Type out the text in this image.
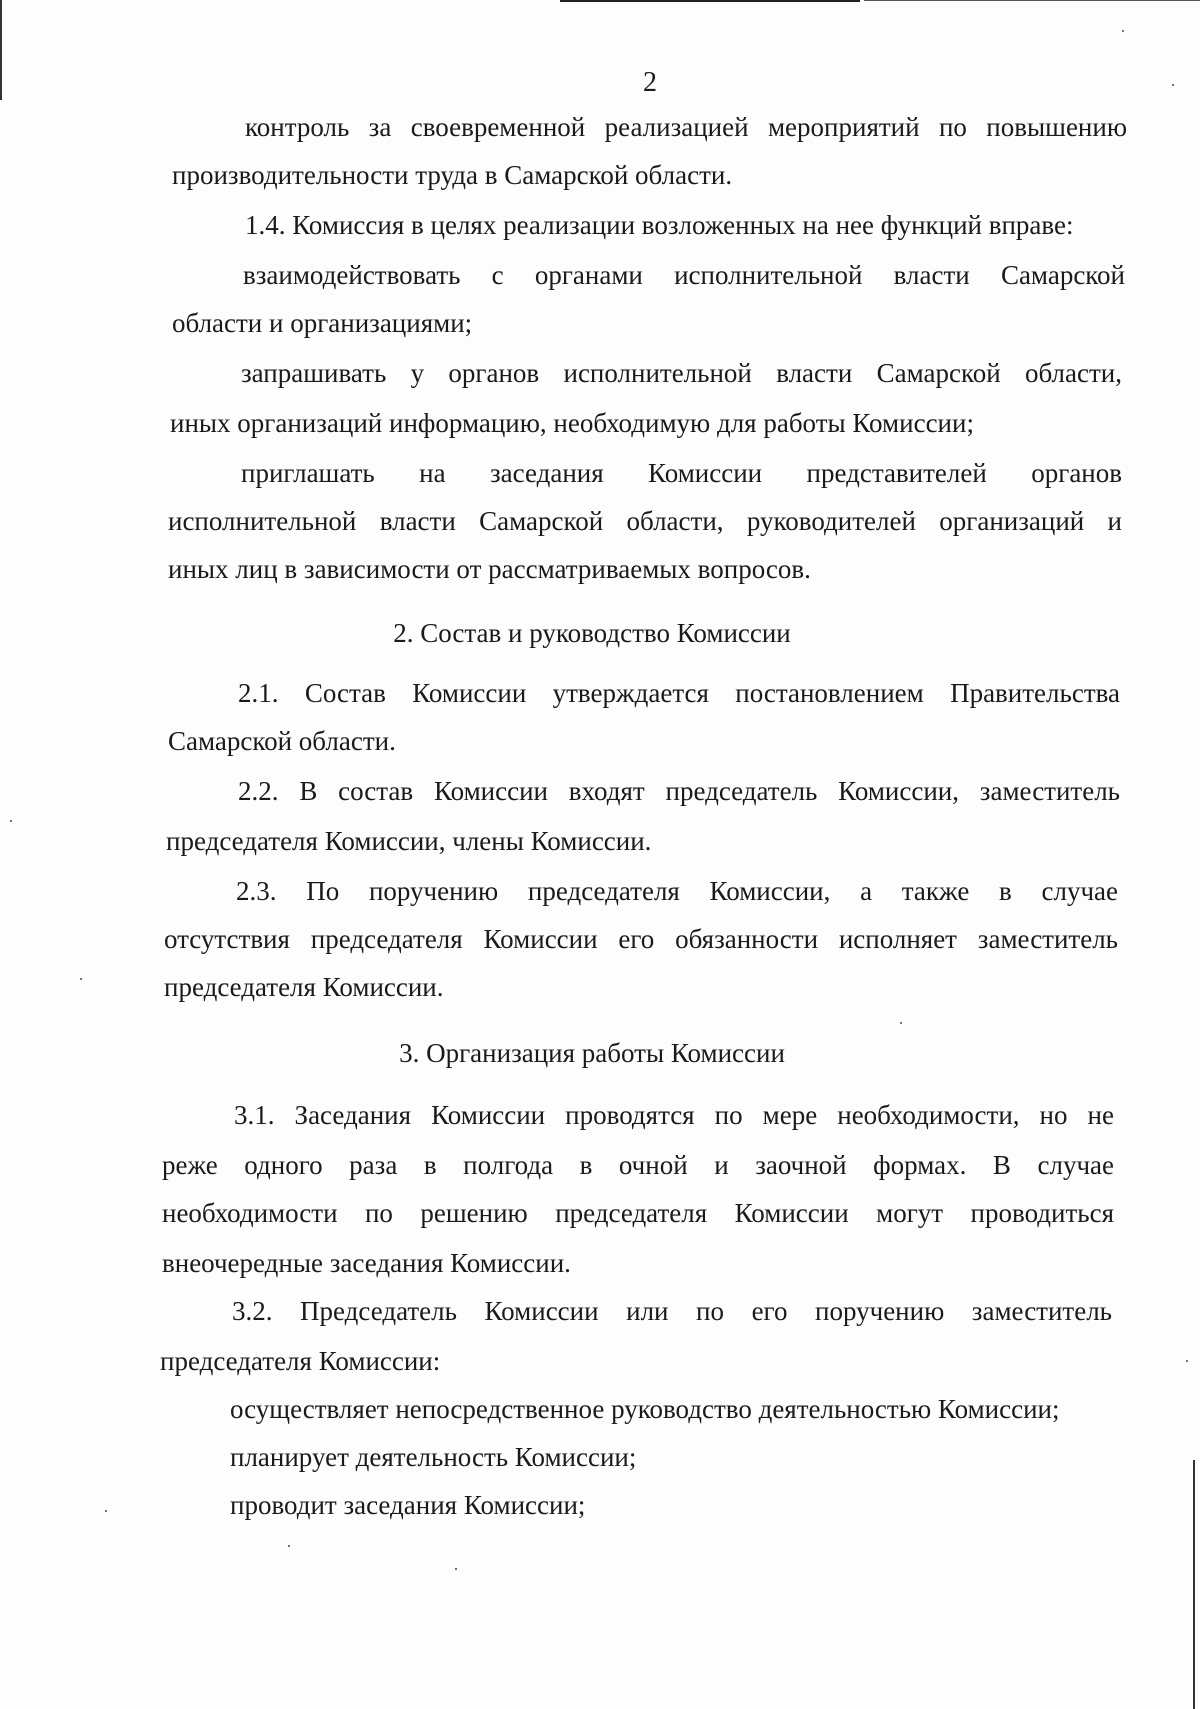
2
контроль за своевременной реализацией мероприятий по повышению
производительности труда в Самарской области.
1.4. Комиссия в целях реализации возложенных на нее функций вправе:
взаимодействовать с органами исполнительной власти Самарской
области и организациями;
запрашивать у органов исполнительной власти Самарской области,
иных организаций информацию, необходимую для работы Комиссии;
приглашать на заседания Комиссии представителей органов
исполнительной власти Самарской области, руководителей организаций и
иных лиц в зависимости от рассматриваемых вопросов.
2. Состав и руководство Комиссии
2.1. Состав Комиссии утверждается постановлением Правительства
Самарской области.
2.2. В состав Комиссии входят председатель Комиссии, заместитель
председателя Комиссии, члены Комиссии.
2.3. По поручению председателя Комиссии, а также в случае
отсутствия председателя Комиссии его обязанности исполняет заместитель
председателя Комиссии.
3. Организация работы Комиссии
3.1. Заседания Комиссии проводятся по мере необходимости, но не
реже одного раза в полгода в очной и заочной формах. В случае
необходимости по решению председателя Комиссии могут проводиться
внеочередные заседания Комиссии.
3.2. Председатель Комиссии или по его поручению заместитель
председателя Комиссии:
осуществляет непосредственное руководство деятельностью Комиссии;
планирует деятельность Комиссии;
проводит заседания Комиссии;
